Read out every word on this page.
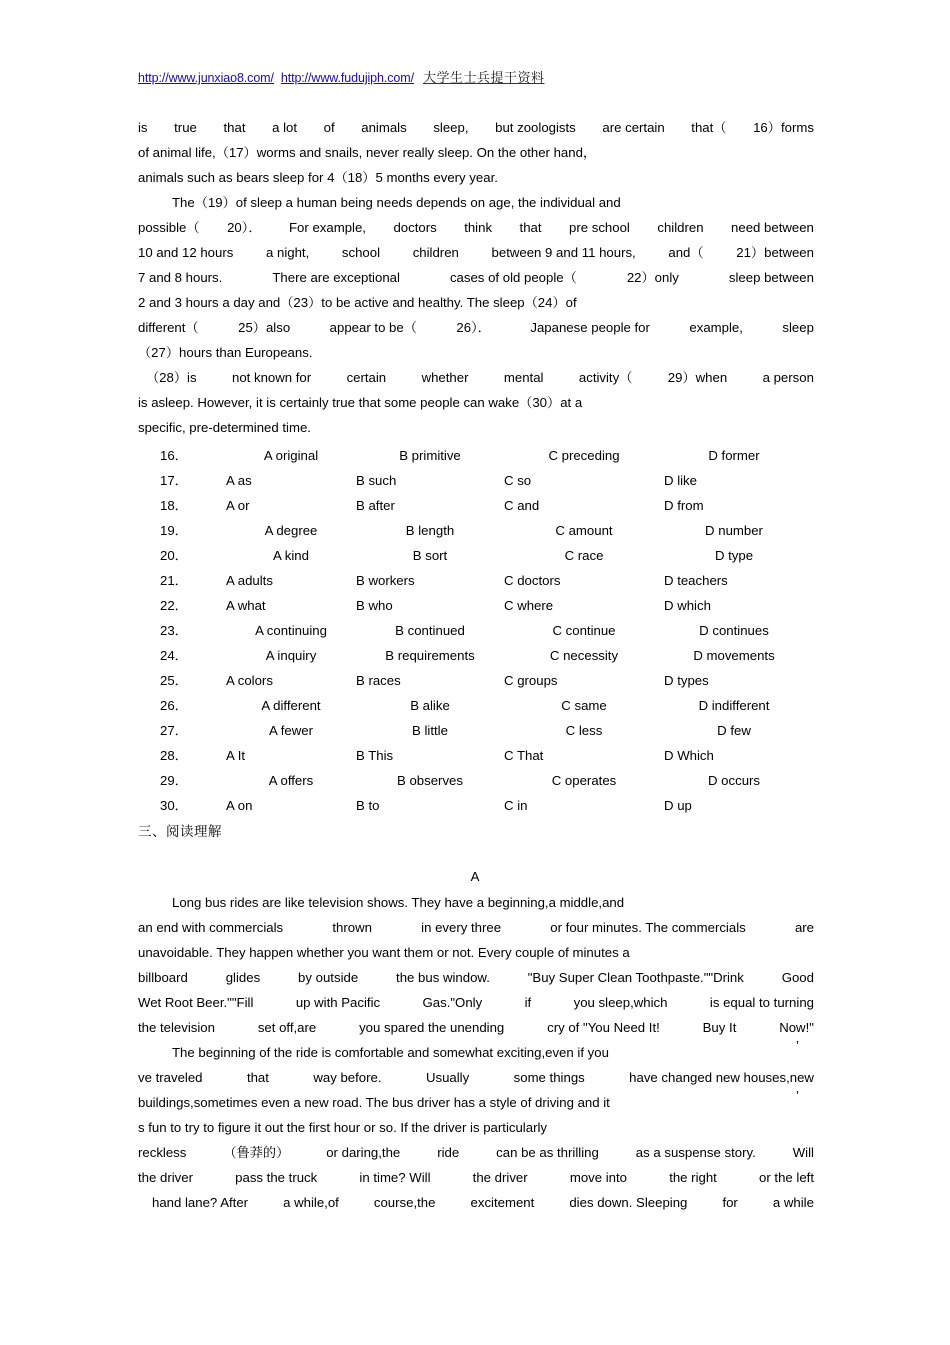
http://www.junxiao8.com/ http://www.fudujiph.com/ 大学生士兵提干资料
is true that a lot of animals sleep, but zoologists are certain that（ 16）forms
of animal life,（17）worms and snails, never really sleep. On the other hand，
animals such as bears sleep for 4（18）5 months every year.
The（19）of sleep a human being needs depends on age, the individual and
possible（ 20）． For example, doctors think that pre school children need between
10 and 12 hours a night, school children between 9 and 11 hours, and（ 21）between
7 and 8 hours.	There are exceptional	cases of old people（	22）only	sleep between
2 and 3 hours a day and（23）to be active and healthy. The sleep（24）of
different（	25）also	appear to be（	26）．	Japanese people for	example,	sleep
（27）hours than Europeans.
（28）is	not known for	certain	whether	mental	activity（	29）when	a person
is asleep. However, it is certainly true that some people can wake（30）at a
specific, pre-determined time.
16．	A original	B primitive	C preceding	D former
17．	A as	B such	C so	D like
18．	A or	B after	C and	D from
19．	A degree	B length	C amount	D number
20．	A kind	B sort	C race	D type
21．	A adults	B workers	C doctors	D teachers
22．	A what	B who	C where	D which
23．	A continuing	B continued	C continue	D continues
24．	A inquiry	B requirements	C necessity	D movements
25．	A colors	B races	C groups	D types
26．	A different	B alike	C same	D indifferent
27．	A fewer	B little	C less	D few
28．	A It	B This	C That	D Which
29．	A offers	B observes	C operates	D occurs
30．	A on	B to	C in	D up
三、阅读理解
A
Long bus rides are like television shows. They have a beginning,a middle,and
an end with commercials	thrown	in every three	or four minutes. The commercials	are
unavoidable. They happen whether you want them or not. Every couple of minutes a
billboard	glides	by outside	the bus window.	"Buy Super Clean Toothpaste.""Drink	Good
Wet Root Beer.""Fill	up with Pacific	Gas."Only	if	you sleep,which	is equal to turning
the television	set off,are	you spared the unending	cry of "You Need It!	Buy It	Now!"
The beginning of the ride is comfortable and somewhat exciting,even if you	’
ve traveled	that	way before.	Usually	some things	have changed new houses,new
buildings,sometimes even a new road. The bus driver has a style of driving and it	’
s fun to try to figure it out the first hour or so. If the driver is particularly
reckless	（鲁莽的）	or daring,the	ride	can be as thrilling	as a suspense story.	Will
the driver	pass the truck	in time? Will	the driver	move into	the right	or the left
hand lane? After	a while,of	course,the	excitement	dies down. Sleeping	for	a while
